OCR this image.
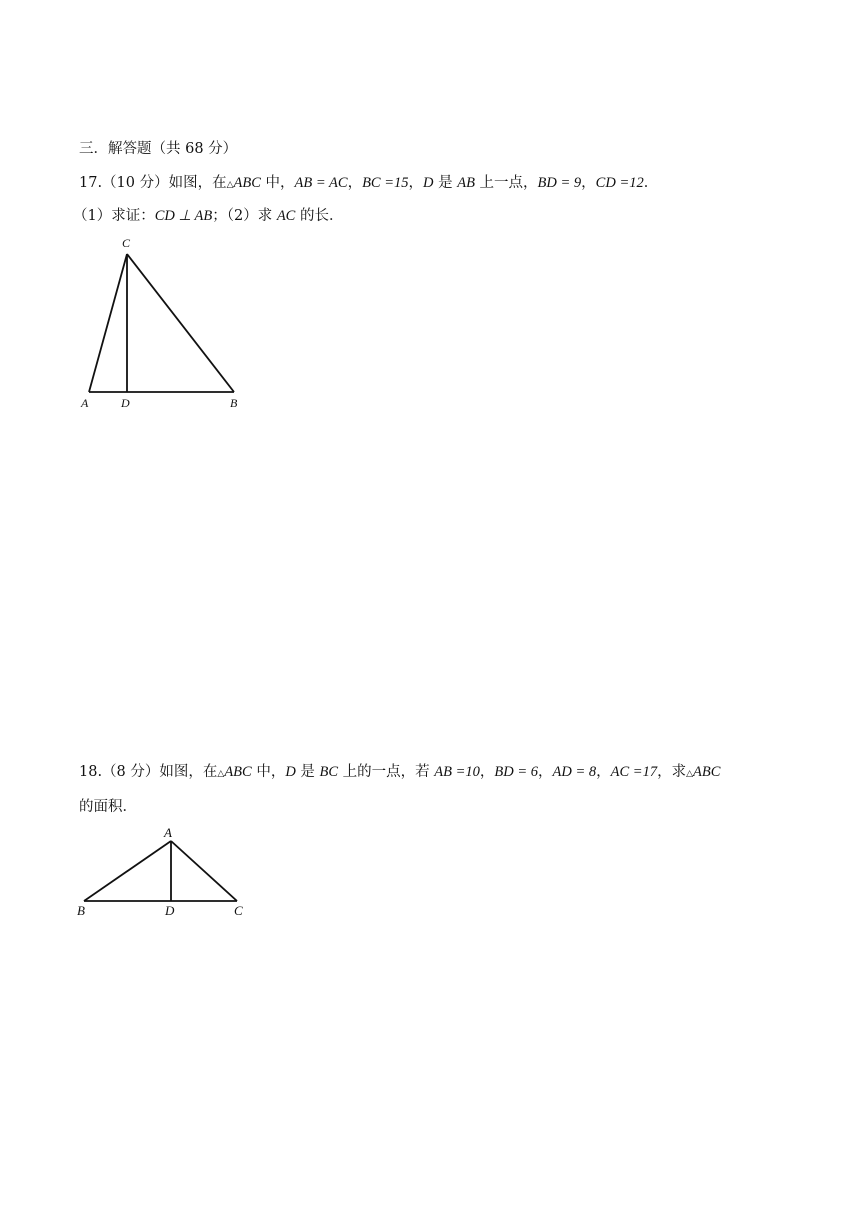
三．解答题（共 68 分）
17.（10 分）如图，在△ABC 中，AB = AC，BC =15，D 是 AB 上一点，BD = 9，CD =12．
（1）求证：CD ⊥ AB；（2）求 AC 的长．
C
A	D	B
18.（8 分）如图，在△ABC 中，D 是 BC 上的一点，若 AB =10，BD = 6，AD = 8，AC =17，求△ABC
的面积．
A
B	D	C
